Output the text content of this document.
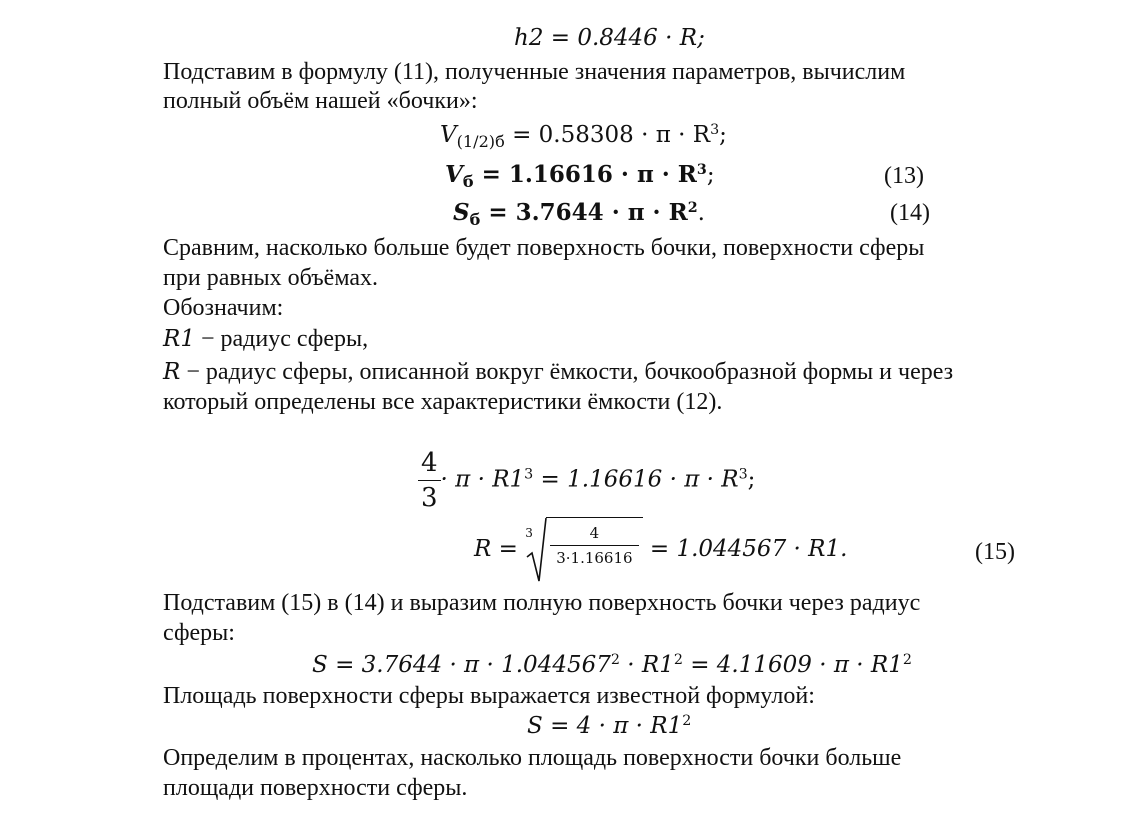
h2 = 0.8446 · R;
Подставим в формулу (11), полученные значения параметров, вычислим
полный объём нашей «бочки»:
$V_{(1/2)б} = 0.58308 \cdot \pi \cdot R^3$;
$V_б = 1.16616 \cdot \pi \cdot R^3$;	(13)
$S_б = 3.7644 \cdot \pi \cdot R^2$.	(14)
Сравним, насколько больше будет поверхность бочки, поверхности сферы
при равных объёмах.
Обозначим:
R1 − радиус сферы,
R − радиус сферы, описанной вокруг ёмкости, бочкообразной формы и через
который определены все характеристики ёмкости (12).
$\frac{4}{3} \cdot \pi \cdot R1^3 = 1.16616 \cdot \pi \cdot R^3$;
R =
$3 \frac{4}{3\cdot 1.16616} = 1.044567 \cdot R1$.	(15)
Подставим (15) в (14) и выразим полную поверхность бочки через радиус
сферы:
$S = 3.7644 \cdot \pi \cdot 1.044567^2 \cdot R1^2 = 4.11609 \cdot \pi \cdot R1^2$
Площадь поверхности сферы выражается известной формулой:
$S = 4 \cdot \pi \cdot R1^2$
Определим в процентах, насколько площадь поверхности бочки больше
площади поверхности сферы.
